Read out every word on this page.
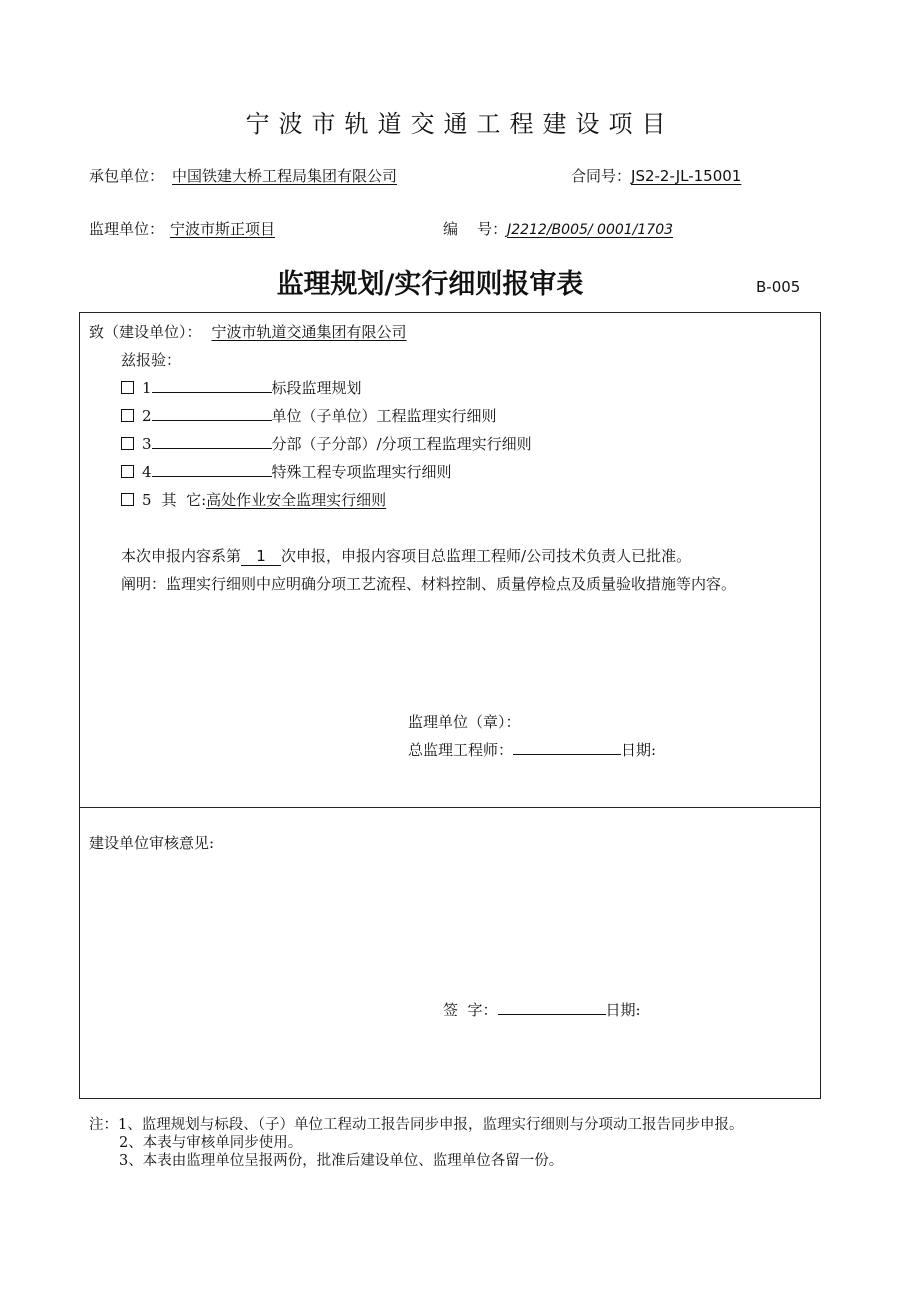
宁波市轨道交通工程建设项目
承包单位： 中国铁建大桥工程局集团有限公司	合同号：JS2-2-JL-15001
监理单位： 宁波市斯正项目	编    号：J2212/B005/ 0001/1703
监理规划/实行细则报审表	B-005
致（建设单位）： 宁波市轨道交通集团有限公司
兹报验：
1	标段监理规划
2	单位（子单位）工程监理实行细则
3	分部（子分部）/分项工程监理实行细则
4	特殊工程专项监理实行细则
5 其  它:高处作业安全监理实行细则
本次申报内容系第 1 次申报，申报内容项目总监理工程师/公司技术负责人已批准。
阐明：监理实行细则中应明确分项工艺流程、材料控制、质量停检点及质量验收措施等内容。
监理单位（章）：
总监理工程师：	日期:
建设单位审核意见:
签  字：	日期:
注：1、监理规划与标段、（子）单位工程动工报告同步申报，监理实行细则与分项动工报告同步申报。
2、本表与审核单同步使用。
3、本表由监理单位呈报两份，批准后建设单位、监理单位各留一份。
